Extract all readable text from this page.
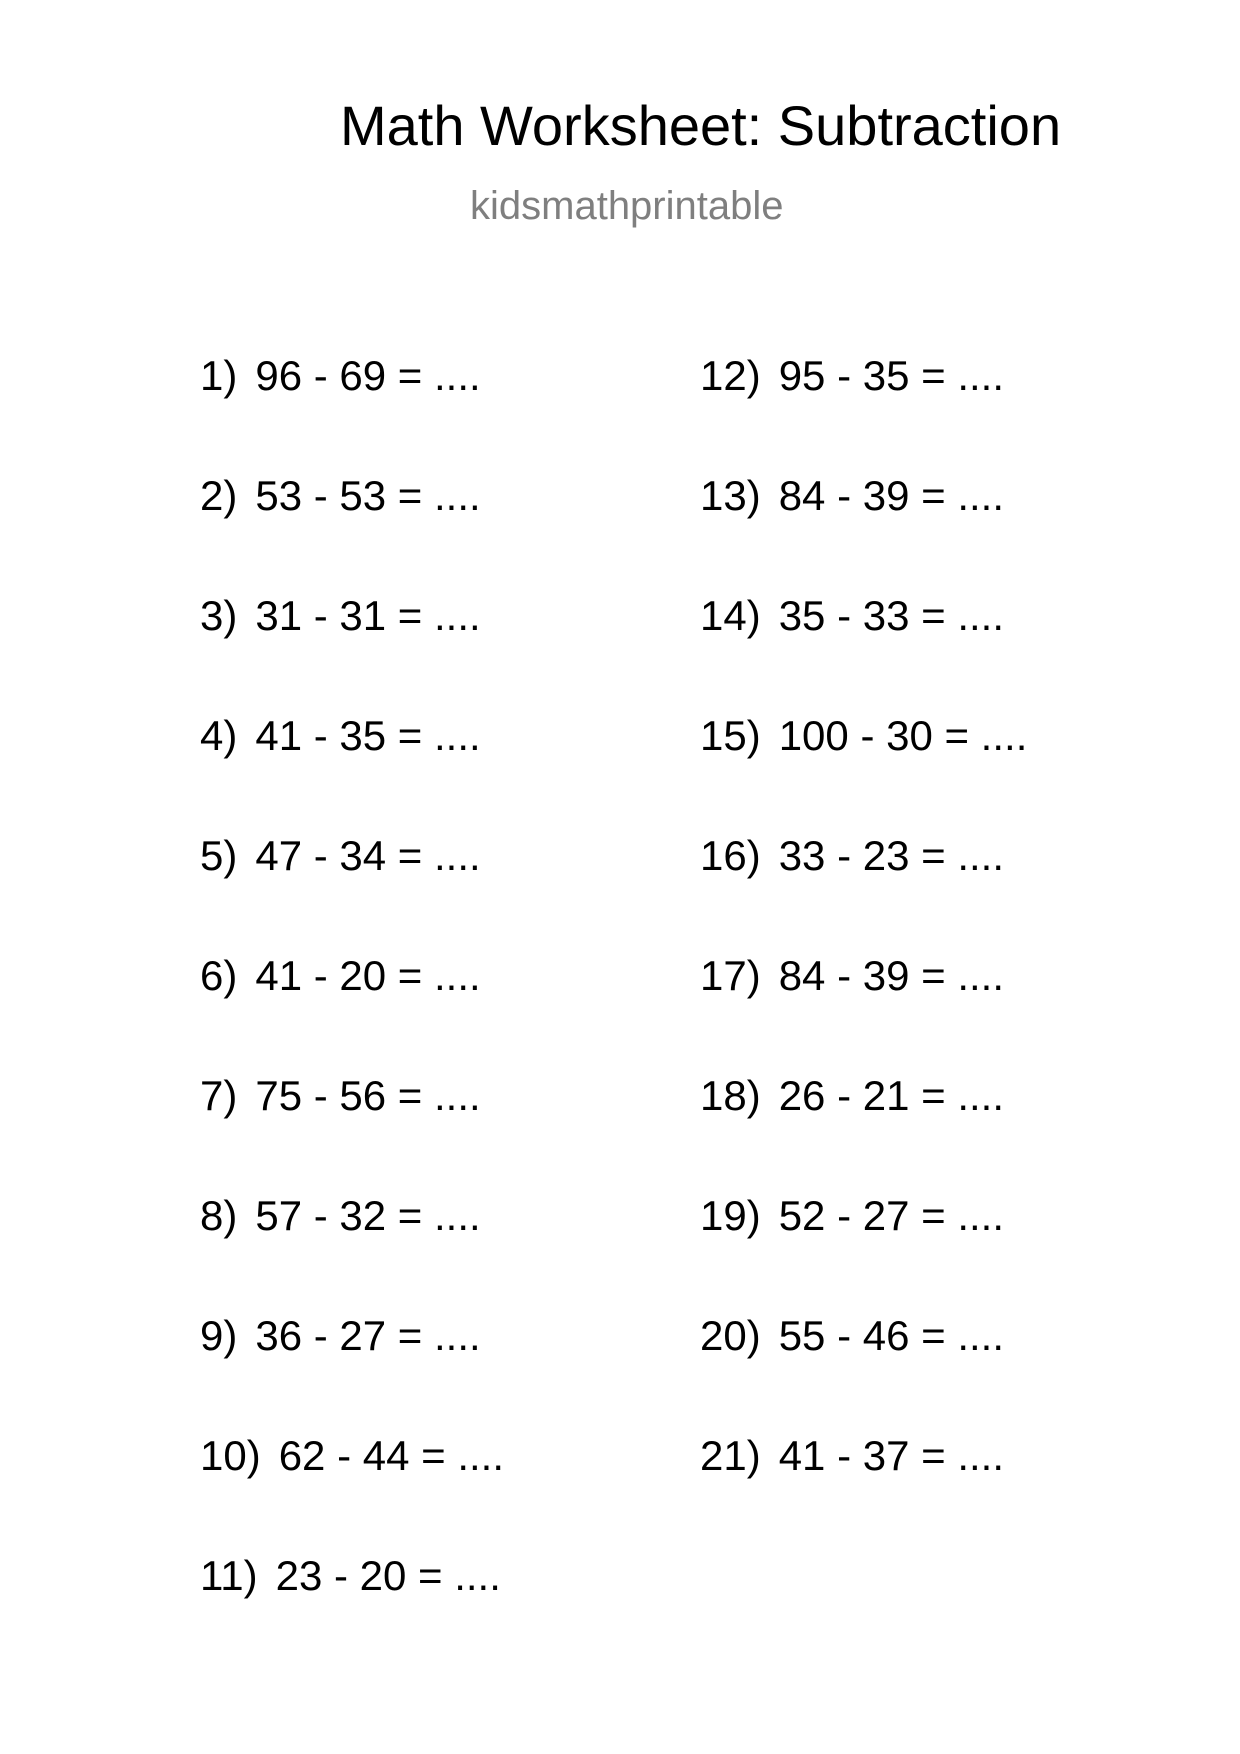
Math Worksheet: Subtraction
kidsmathprintable
1) 96 - 69 = ....
2) 53 - 53 = ....
3) 31 - 31 = ....
4) 41 - 35 = ....
5) 47 - 34 = ....
6) 41 - 20 = ....
7) 75 - 56 = ....
8) 57 - 32 = ....
9) 36 - 27 = ....
10) 62 - 44 = ....
11) 23 - 20 = ....
12) 95 - 35 = ....
13) 84 - 39 = ....
14) 35 - 33 = ....
15) 100 - 30 = ....
16) 33 - 23 = ....
17) 84 - 39 = ....
18) 26 - 21 = ....
19) 52 - 27 = ....
20) 55 - 46 = ....
21) 41 - 37 = ....
